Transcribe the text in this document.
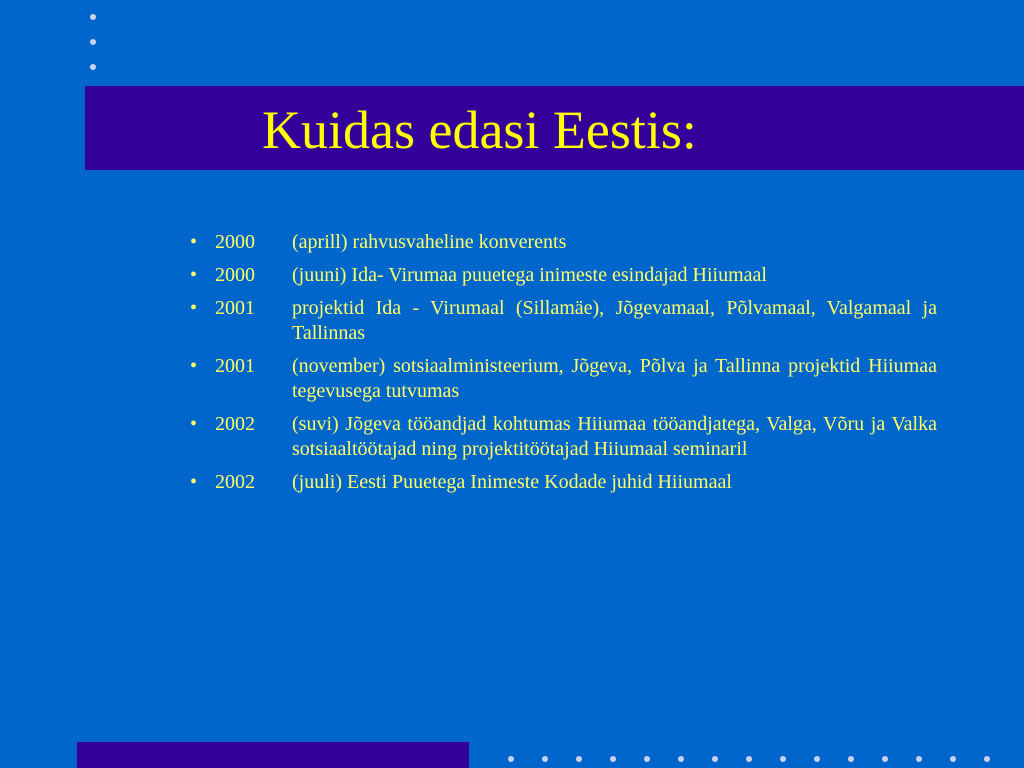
Kuidas edasi Eestis:
• 2000 (aprill) rahvusvaheline konverents
• 2000 (juuni) Ida- Virumaa puuetega inimeste esindajad Hiiumaal
• 2001 projektid Ida - Virumaal (Sillamäe), Jõgevamaal, Põlvamaal, Valgamaal ja Tallinnas
• 2001 (november) sotsiaalministeerium, Jõgeva, Põlva ja Tallinna projektid Hiiumaa tegevusega tutvumas
• 2002 (suvi) Jõgeva tööandjad kohtumas Hiiumaa tööandjatega, Valga, Võru ja Valka sotsiaaltöötajad ning projektitöötajad Hiiumaal seminaril
• 2002 (juuli) Eesti Puuetega Inimeste Kodade juhid Hiiumaal
